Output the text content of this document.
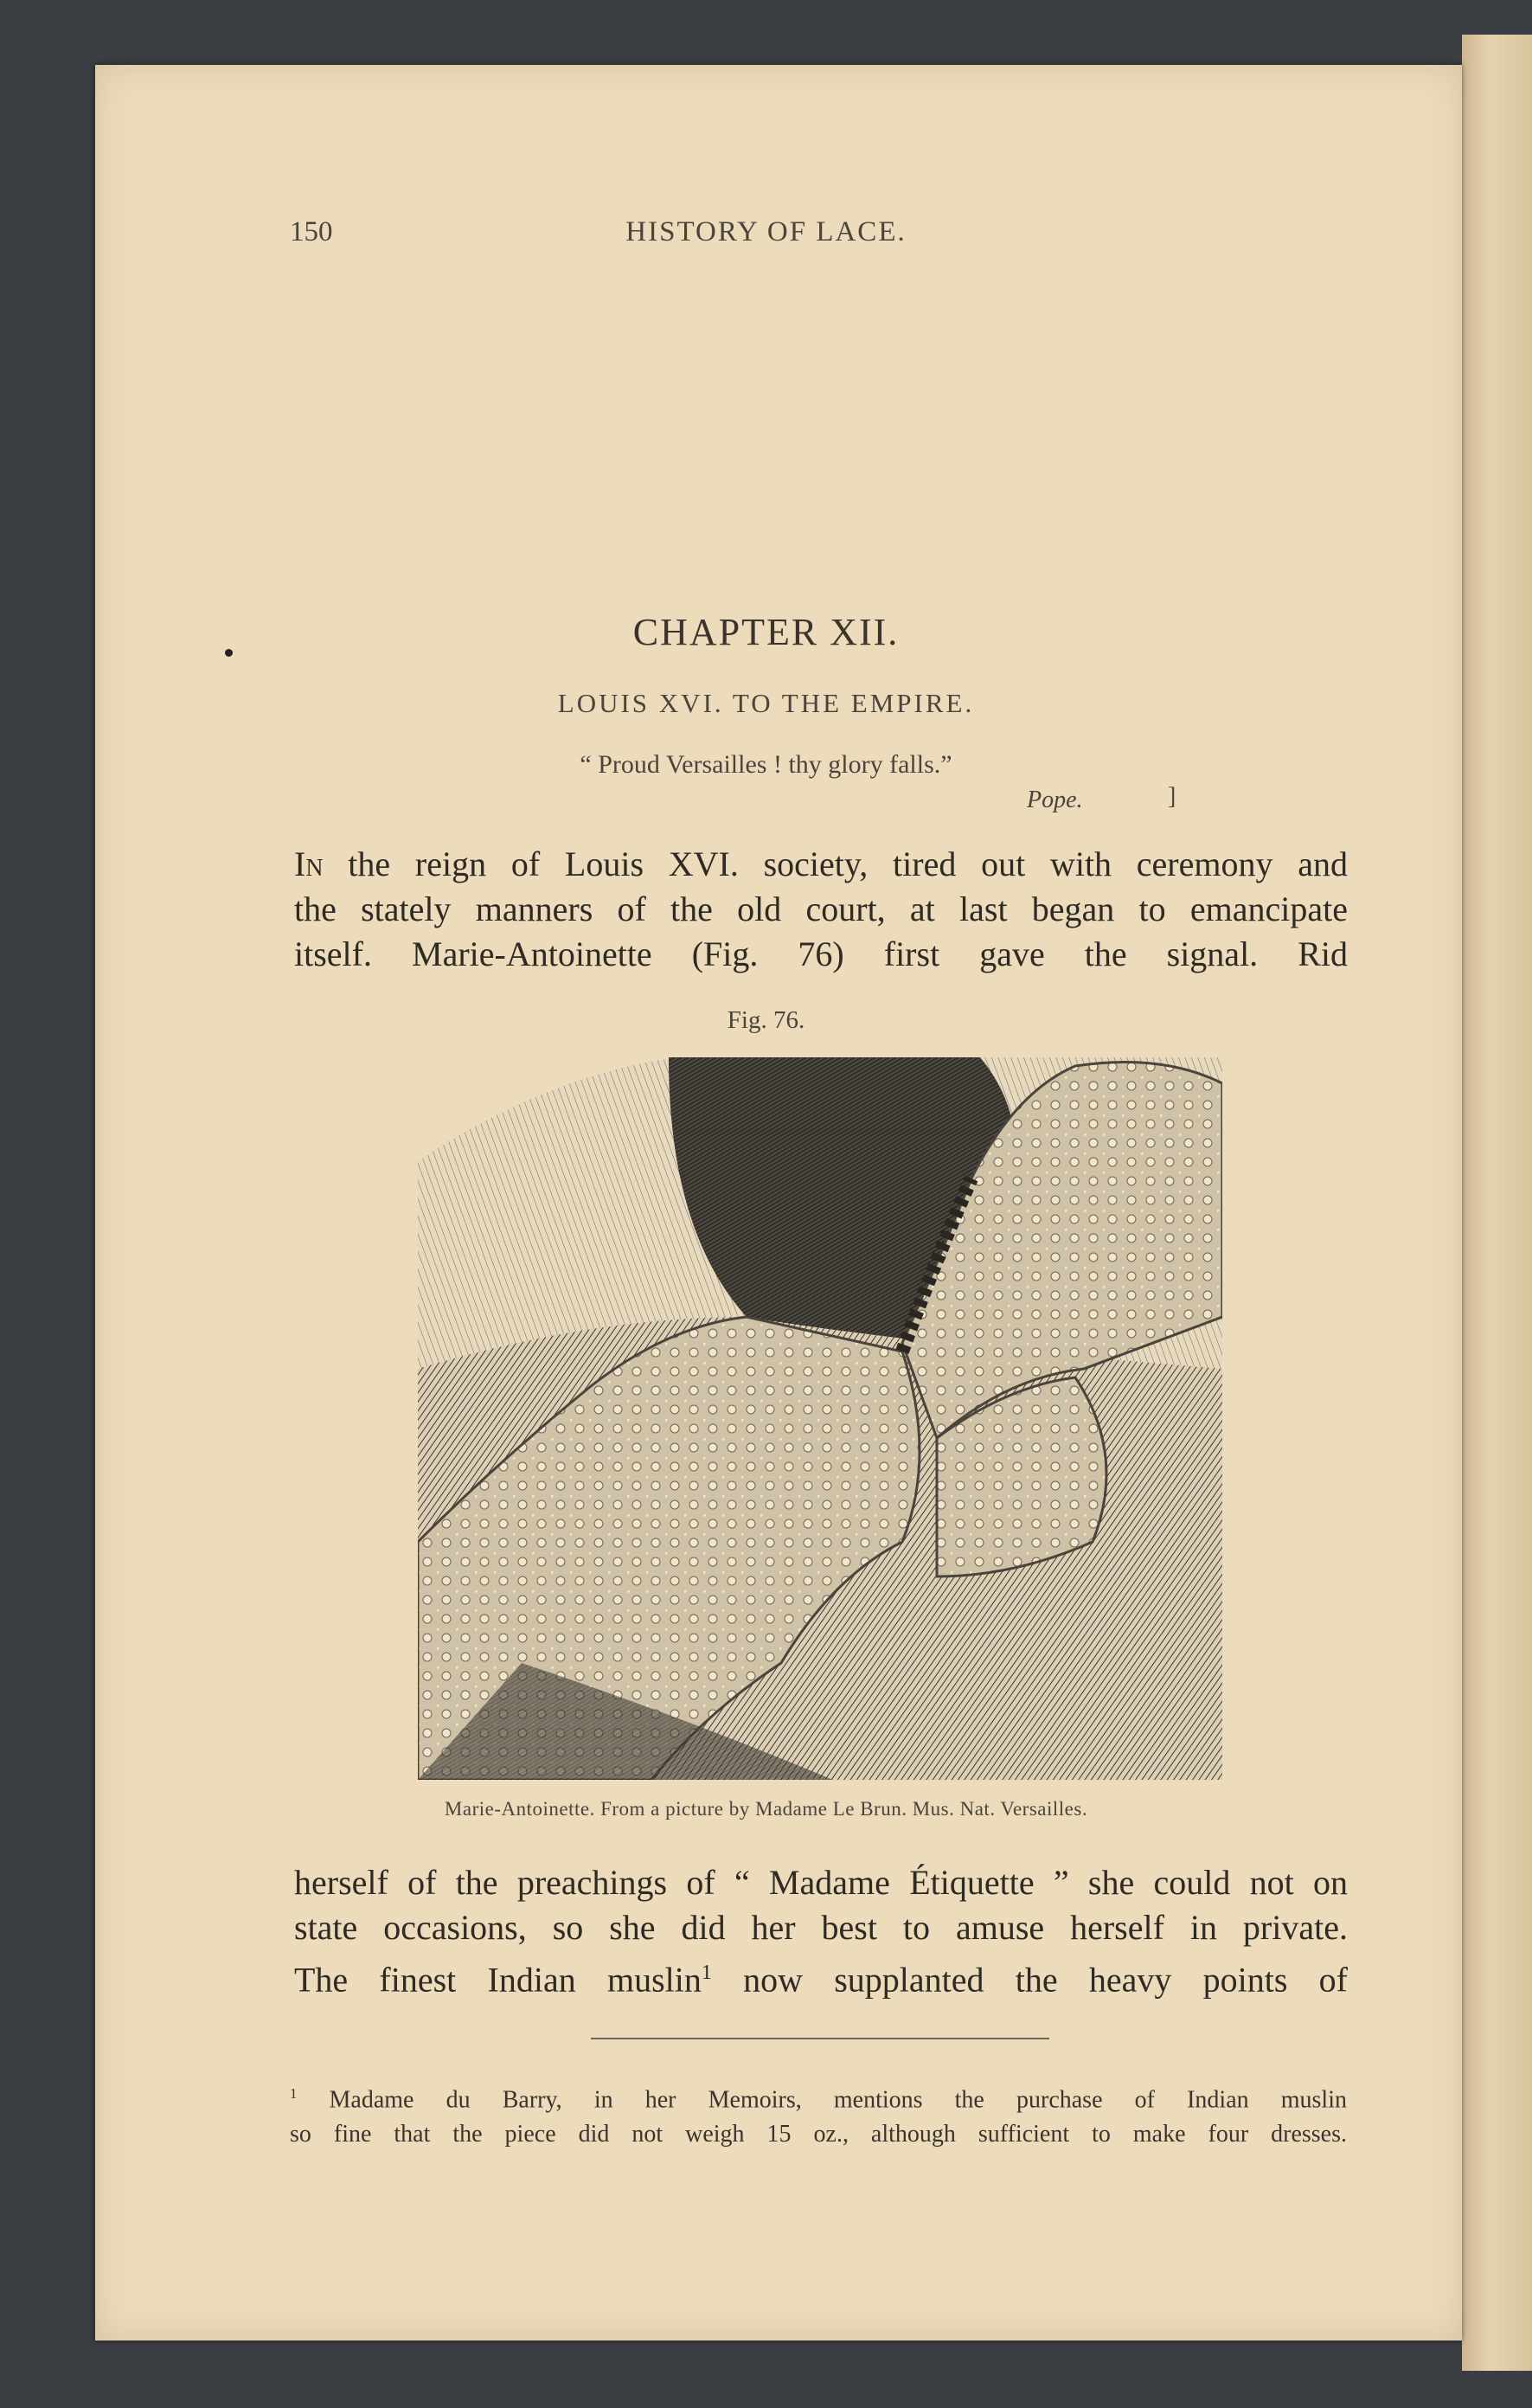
150	HISTORY OF LACE.
CHAPTER XII.
LOUIS XVI. TO THE EMPIRE.
“ Proud Versailles ! thy glory falls.”
Pope.	]
In the reign of Louis XVI. society, tired out with ceremony and
the stately manners of the old court, at last began to emancipate
itself. Marie-Antoinette (Fig. 76) first gave the signal. Rid
Fig. 76.
Marie-Antoinette. From a picture by Madame Le Brun. Mus. Nat. Versailles.
herself of the preachings of “ Madame Étiquette ” she could not on
state occasions, so she did her best to amuse herself in private.
The finest Indian muslin$^1$ now supplanted the heavy points of
$^1$ Madame du Barry, in her Memoirs, mentions the purchase of Indian muslin
so fine that the piece did not weigh 15 oz., although sufficient to make four dresses.
